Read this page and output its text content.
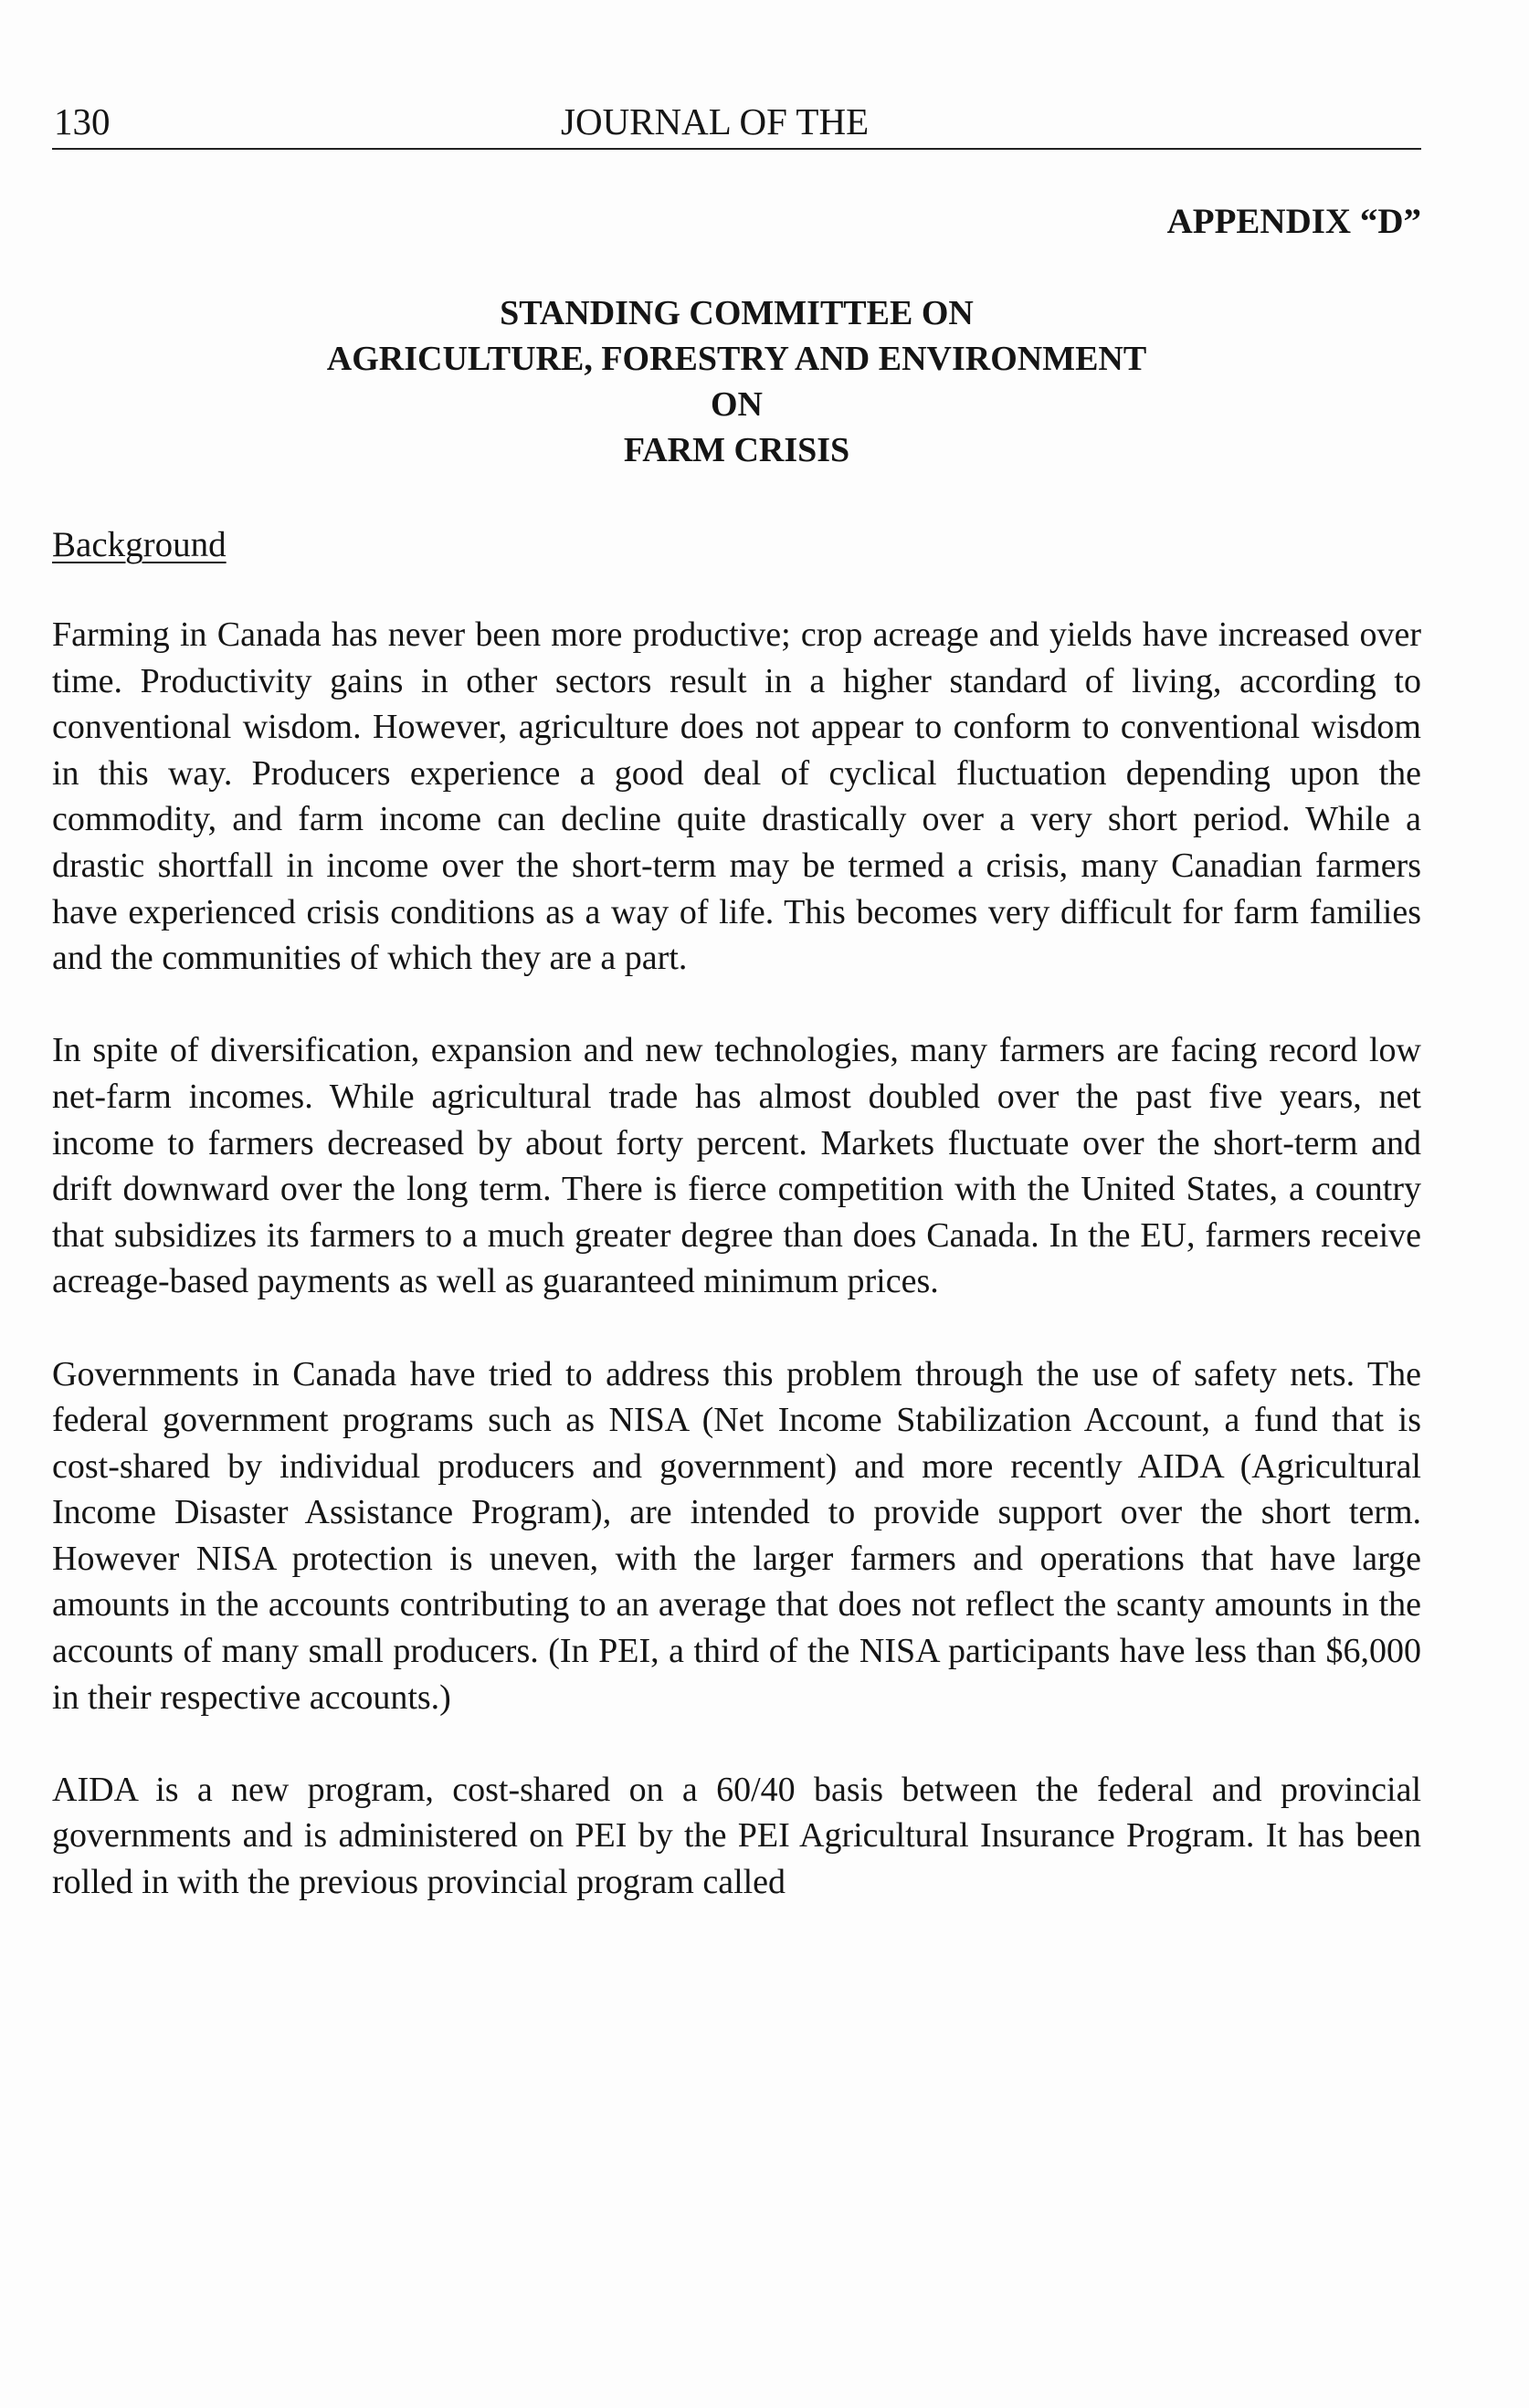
130	JOURNAL OF THE
APPENDIX “D”
STANDING COMMITTEE ON
AGRICULTURE, FORESTRY AND ENVIRONMENT
ON
FARM CRISIS
Background

Farming in Canada has never been more productive; crop acreage and yields have increased over time. Productivity gains in other sectors result in a higher standard of living, according to conventional wisdom. However, agriculture does not appear to conform to conventional wisdom in this way. Producers experience a good deal of cyclical fluctuation depending upon the commodity, and farm income can decline quite drastically over a very short period. While a drastic shortfall in income over the short-term may be termed a crisis, many Canadian farmers have experienced crisis conditions as a way of life. This becomes very difficult for farm families and the communities of which they are a part.

In spite of diversification, expansion and new technologies, many farmers are facing record low net-farm incomes. While agricultural trade has almost doubled over the past five years, net income to farmers decreased by about forty percent. Markets fluctuate over the short-term and drift downward over the long term. There is fierce competition with the United States, a country that subsidizes its farmers to a much greater degree than does Canada. In the EU, farmers receive acreage-based payments as well as guaranteed minimum prices.

Governments in Canada have tried to address this problem through the use of safety nets. The federal government programs such as NISA (Net Income Stabilization Account, a fund that is cost-shared by individual producers and government) and more recently AIDA (Agricultural Income Disaster Assistance Program), are intended to provide support over the short term. However NISA protection is uneven, with the larger farmers and operations that have large amounts in the accounts contributing to an average that does not reflect the scanty amounts in the accounts of many small producers. (In PEI, a third of the NISA participants have less than $6,000 in their respective accounts.)

AIDA is a new program, cost-shared on a 60/40 basis between the federal and provincial governments and is administered on PEI by the PEI Agricultural Insurance Program. It has been rolled in with the previous provincial program called
